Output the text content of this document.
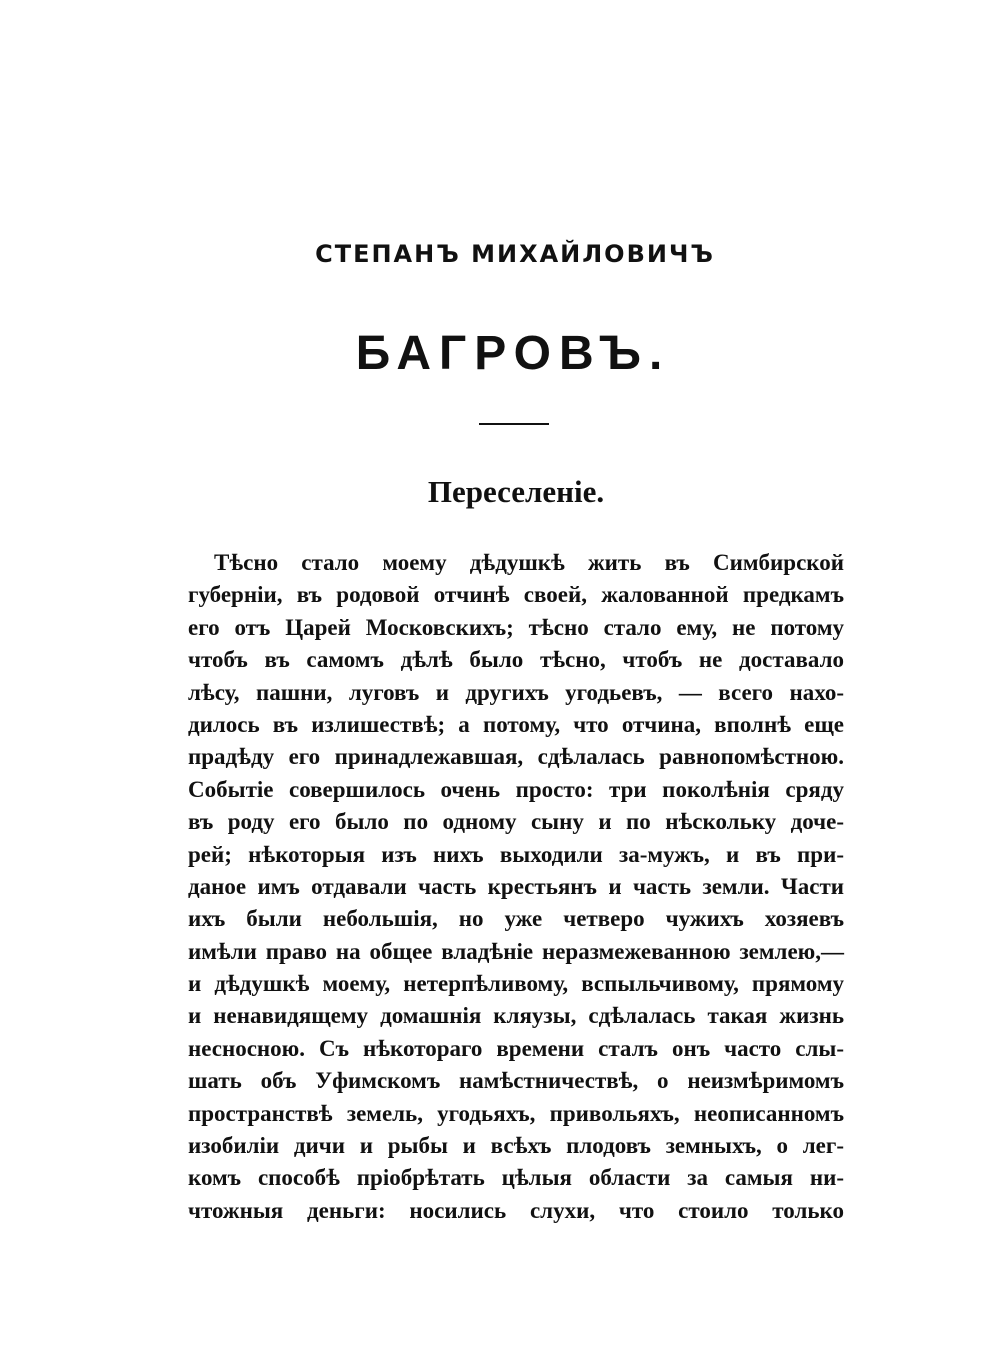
СТЕПАНЪ МИХАЙЛОВИЧЪ
БАГРОВЪ.
Переселеніе.
Тѣсно стало моему дѣдушкѣ жить въ Симбирской
губерніи, въ родовой отчинѣ своей, жалованной предкамъ
его отъ Царей Московскихъ; тѣсно стало ему, не потому
чтобъ въ самомъ дѣлѣ было тѣсно, чтобъ не доставало
лѣсу, пашни, луговъ и другихъ угодьевъ, — всего нахо-
дилось въ излишествѣ; а потому, что отчина, вполнѣ еще
прадѣду его принадлежавшая, сдѣлалась равнопомѣстною.
Событіе совершилось очень просто: три поколѣнія сряду
въ роду его было по одному сыну и по нѣскольку доче-
рей; нѣкоторыя изъ нихъ выходили за-мужъ, и въ при-
даное имъ отдавали часть крестьянъ и часть земли. Части
ихъ были небольшія, но уже четверо чужихъ хозяевъ
имѣли право на общее владѣніе неразмежеванною землею,—
и дѣдушкѣ моему, нетерпѣливому, вспыльчивому, прямому
и ненавидящему домашнія кляузы, сдѣлалась такая жизнь
несносною. Съ нѣкотораго времени сталъ онъ часто слы-
шать объ Уфимскомъ намѣстничествѣ, о неизмѣримомъ
пространствѣ земель, угодьяхъ, привольяхъ, неописанномъ
изобиліи дичи и рыбы и всѣхъ плодовъ земныхъ, о лег-
комъ способѣ пріобрѣтать цѣлыя области за самыя ни-
чтожныя деньги: носились слухи, что стоило только
